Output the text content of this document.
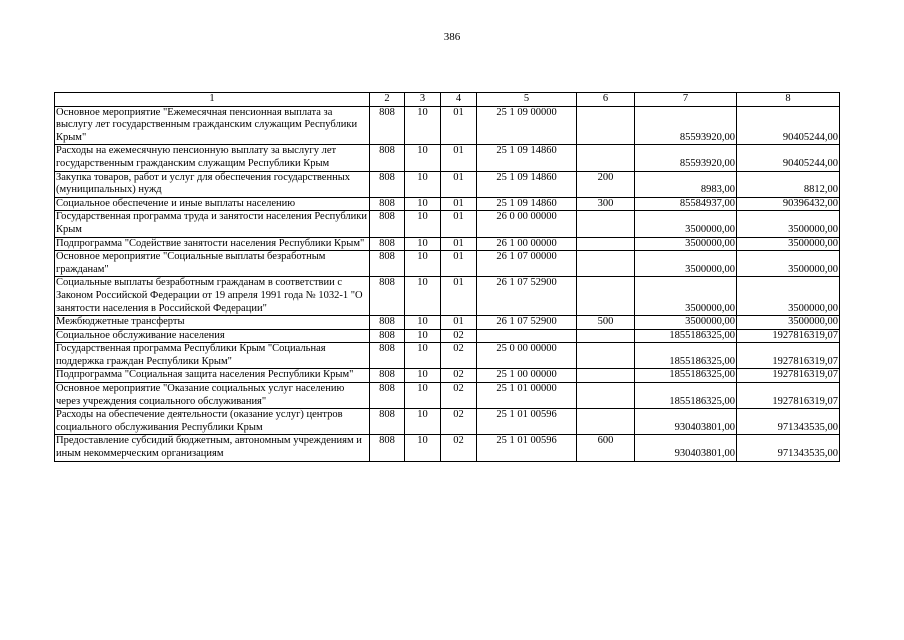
386
1	2	3	4	5	6	7	8
Основное мероприятие "Ежемесячная пенсионная выплата за выслугу лет государственным гражданским служащим Республики Крым"	808	10	01	25 1 09 00000		85593920,00	90405244,00
Расходы на ежемесячную пенсионную выплату за выслугу лет государственным гражданским служащим Республики Крым	808	10	01	25 1 09 14860		85593920,00	90405244,00
Закупка товаров, работ и услуг для обеспечения государственных (муниципальных) нужд	808	10	01	25 1 09 14860	200	8983,00	8812,00
Социальное обеспечение и иные выплаты населению	808	10	01	25 1 09 14860	300	85584937,00	90396432,00
Государственная программа труда и занятости населения Республики Крым	808	10	01	26 0 00 00000		3500000,00	3500000,00
Подпрограмма "Содействие занятости населения Республики Крым"	808	10	01	26 1 00 00000		3500000,00	3500000,00
Основное мероприятие "Социальные выплаты безработным гражданам"	808	10	01	26 1 07 00000		3500000,00	3500000,00
Социальные выплаты безработным гражданам в соответствии с Законом Российской Федерации от 19 апреля 1991 года № 1032-1 "О занятости населения в Российской Федерации"	808	10	01	26 1 07 52900		3500000,00	3500000,00
Межбюджетные трансферты	808	10	01	26 1 07 52900	500	3500000,00	3500000,00
Социальное обслуживание населения	808	10	02			1855186325,00	1927816319,07
Государственная программа Республики Крым "Социальная поддержка граждан Республики Крым"	808	10	02	25 0 00 00000		1855186325,00	1927816319,07
Подпрограмма "Социальная защита населения Республики Крым"	808	10	02	25 1 00 00000		1855186325,00	1927816319,07
Основное мероприятие "Оказание социальных услуг населению через учреждения социального обслуживания"	808	10	02	25 1 01 00000		1855186325,00	1927816319,07
Расходы на обеспечение деятельности (оказание услуг) центров социального обслуживания Республики Крым	808	10	02	25 1 01 00596		930403801,00	971343535,00
Предоставление субсидий бюджетным, автономным учреждениям и иным некоммерческим организациям	808	10	02	25 1 01 00596	600	930403801,00	971343535,00
